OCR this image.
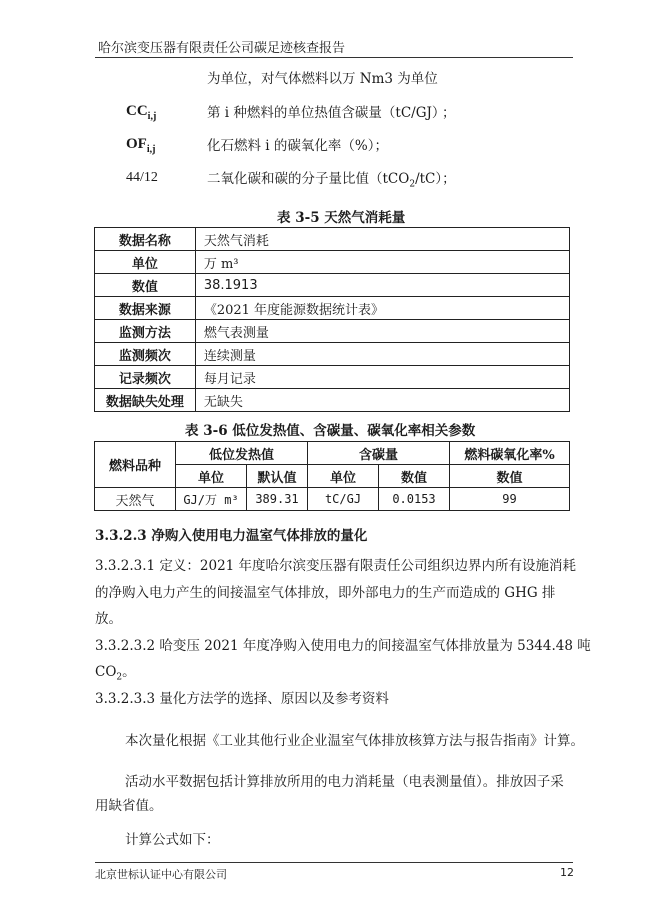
哈尔滨变压器有限责任公司碳足迹核查报告
为单位，对气体燃料以万 Nm3 为单位
$CC_{i,j}$	第 i 种燃料的单位热值含碳量（tC/GJ）
；
$OF_{i,j}$	化石燃料 i 的碳氧化率（%）；
44/12	二氧化碳和碳的分子量比值（tCO$_2$/tC）；
表 3-5 天然气消耗量
数据名称	天然气消耗
单位	万 m³
数值	38.1913
数据来源	《2021 年度能源数据统计表》
监测方法	燃气表测量
监测频次	连续测量
记录频次	每月记录
数据缺失处理	无缺失
表 3-6 低位发热值、含碳量、碳氧化率相关参数
燃料品种	低位发热值		含碳量		燃料碳氧化率%
	单位	默认值	单位	数值	数值
天然气	GJ/万 m³	389.31	tC/GJ	0.0153	99
3.3.2.3 净购入使用电力温室气体排放的量化
3.3.2.3.1 定义：2021 年度哈尔滨变压器有限责任公司组织边界内所有设施消耗
的净购入电力产生的间接温室气体排放，即外部电力的生产而造成的 GHG 排
放。
3.3.2.3.2 哈变压 2021 年度净购入使用电力的间接温室气体排放量为 5344.48 吨
$CO_2$。
3.3.2.3.3 量化方法学的选择、原因以及参考资料
本次量化根据《工业其他行业企业温室气体排放核算方法与报告指南》计算。
活动水平数据包括计算排放所用的电力消耗量（电表测量值）。排放因子采
用缺省值。
计算公式如下：
北京世标认证中心有限公司	12
